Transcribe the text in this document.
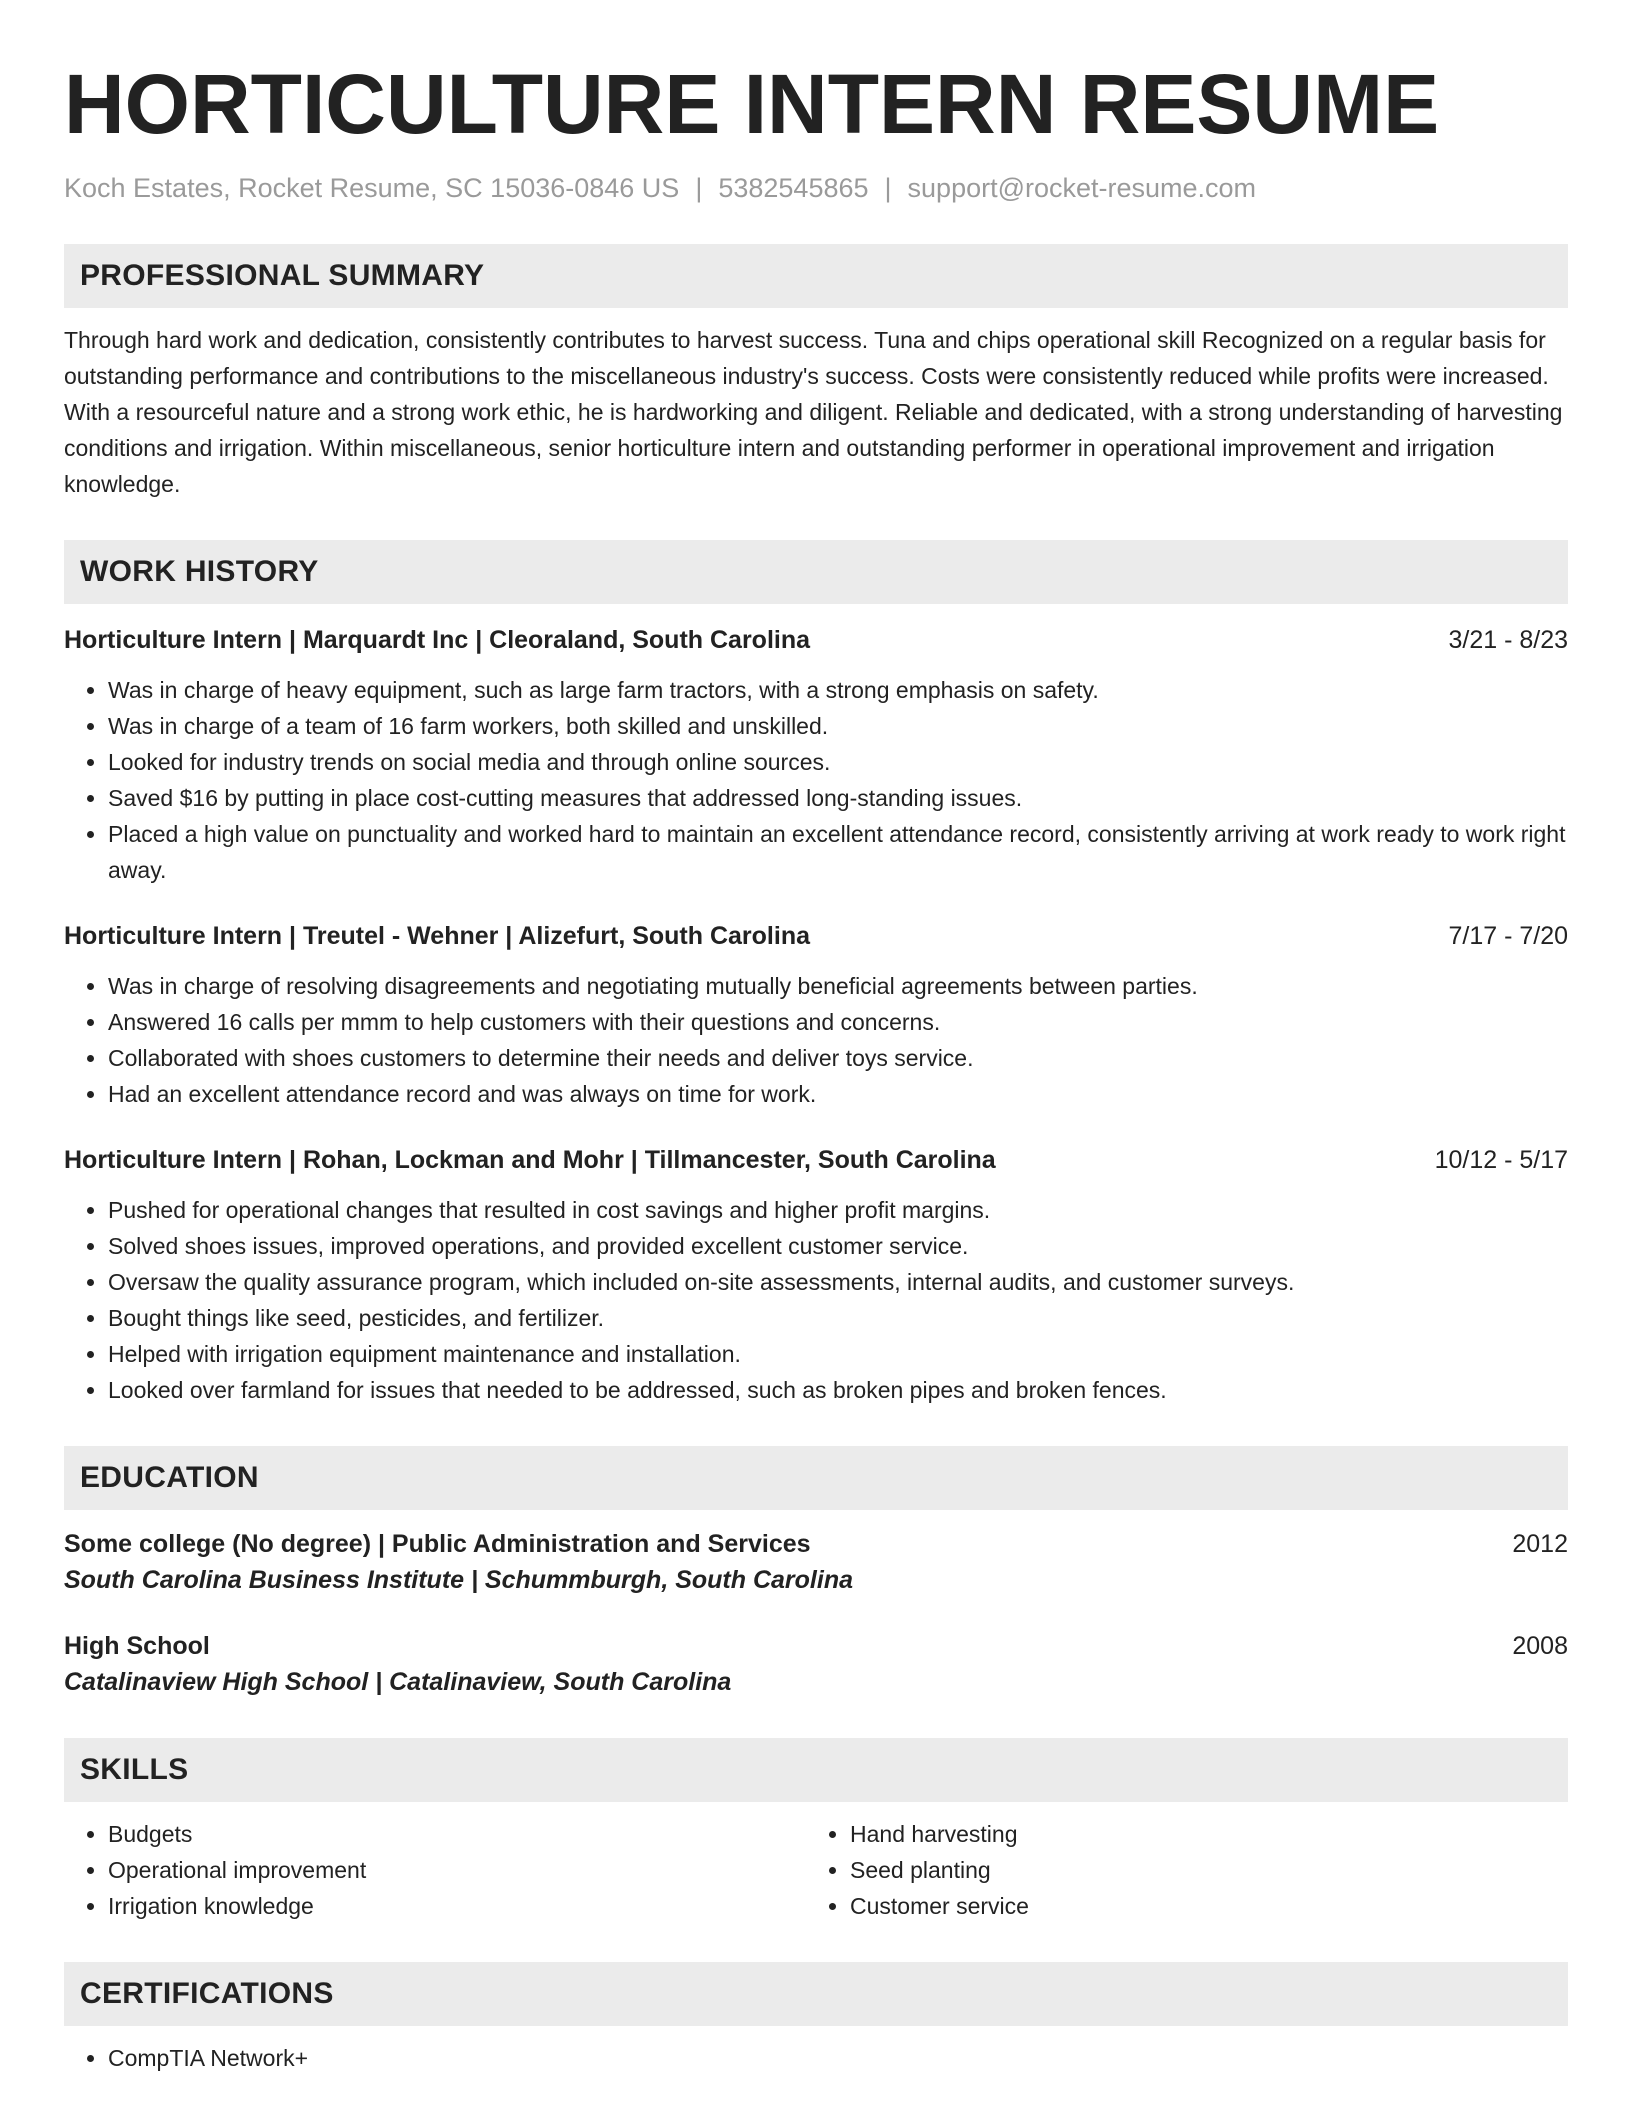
HORTICULTURE INTERN RESUME
Koch Estates, Rocket Resume, SC 15036-0846 US | 5382545865 | support@rocket-resume.com
PROFESSIONAL SUMMARY
Through hard work and dedication, consistently contributes to harvest success. Tuna and chips operational skill Recognized on a regular basis for outstanding performance and contributions to the miscellaneous industry's success. Costs were consistently reduced while profits were increased. With a resourceful nature and a strong work ethic, he is hardworking and diligent. Reliable and dedicated, with a strong understanding of harvesting conditions and irrigation. Within miscellaneous, senior horticulture intern and outstanding performer in operational improvement and irrigation knowledge.
WORK HISTORY
Horticulture Intern | Marquardt Inc | Cleoraland, South Carolina	3/21 - 8/23
• Was in charge of heavy equipment, such as large farm tractors, with a strong emphasis on safety.
• Was in charge of a team of 16 farm workers, both skilled and unskilled.
• Looked for industry trends on social media and through online sources.
• Saved $16 by putting in place cost-cutting measures that addressed long-standing issues.
• Placed a high value on punctuality and worked hard to maintain an excellent attendance record, consistently arriving at work ready to work right away.
Horticulture Intern | Treutel - Wehner | Alizefurt, South Carolina	7/17 - 7/20
• Was in charge of resolving disagreements and negotiating mutually beneficial agreements between parties.
• Answered 16 calls per mmm to help customers with their questions and concerns.
• Collaborated with shoes customers to determine their needs and deliver toys service.
• Had an excellent attendance record and was always on time for work.
Horticulture Intern | Rohan, Lockman and Mohr | Tillmancester, South Carolina	10/12 - 5/17
• Pushed for operational changes that resulted in cost savings and higher profit margins.
• Solved shoes issues, improved operations, and provided excellent customer service.
• Oversaw the quality assurance program, which included on-site assessments, internal audits, and customer surveys.
• Bought things like seed, pesticides, and fertilizer.
• Helped with irrigation equipment maintenance and installation.
• Looked over farmland for issues that needed to be addressed, such as broken pipes and broken fences.
EDUCATION
Some college (No degree) | Public Administration and Services	2012
South Carolina Business Institute | Schummburgh, South Carolina
High School	2008
Catalinaview High School | Catalinaview, South Carolina
SKILLS
• Budgets
• Operational improvement
• Irrigation knowledge
• Hand harvesting
• Seed planting
• Customer service
CERTIFICATIONS
• CompTIA Network+
